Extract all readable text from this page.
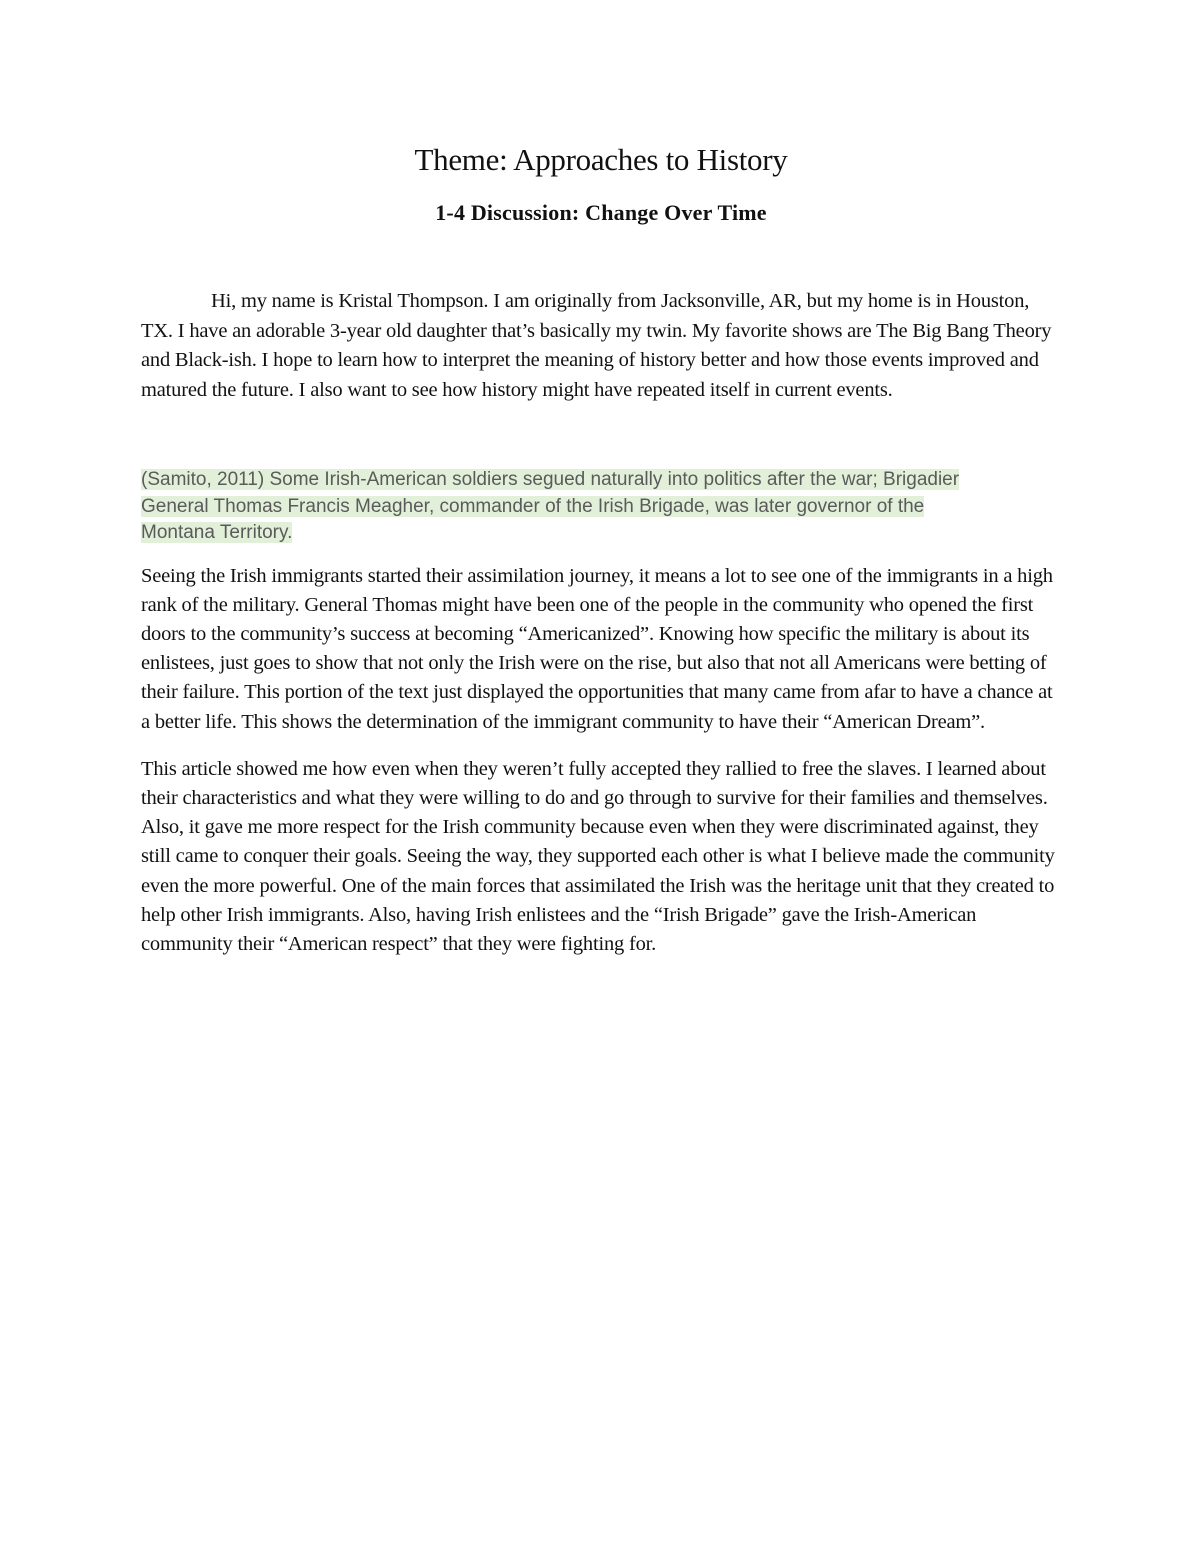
Theme: Approaches to History
1-4 Discussion: Change Over Time

Hi, my name is Kristal Thompson. I am originally from Jacksonville, AR, but my home is in Houston, TX. I have an adorable 3-year old daughter that’s basically my twin. My favorite shows are The Big Bang Theory and Black-ish. I hope to learn how to interpret the meaning of history better and how those events improved and matured the future. I also want to see how history might have repeated itself in current events.

(Samito, 2011) Some Irish-American soldiers segued naturally into politics after the war; Brigadier General Thomas Francis Meagher, commander of the Irish Brigade, was later governor of the Montana Territory.

Seeing the Irish immigrants started their assimilation journey, it means a lot to see one of the immigrants in a high rank of the military. General Thomas might have been one of the people in the community who opened the first doors to the community’s success at becoming “Americanized”. Knowing how specific the military is about its enlistees, just goes to show that not only the Irish were on the rise, but also that not all Americans were betting of their failure. This portion of the text just displayed the opportunities that many came from afar to have a chance at a better life. This shows the determination of the immigrant community to have their “American Dream”.

This article showed me how even when they weren’t fully accepted they rallied to free the slaves. I learned about their characteristics and what they were willing to do and go through to survive for their families and themselves. Also, it gave me more respect for the Irish community because even when they were discriminated against, they still came to conquer their goals. Seeing the way, they supported each other is what I believe made the community even the more powerful. One of the main forces that assimilated the Irish was the heritage unit that they created to help other Irish immigrants. Also, having Irish enlistees and the “Irish Brigade” gave the Irish-American community their “American respect” that they were fighting for.
